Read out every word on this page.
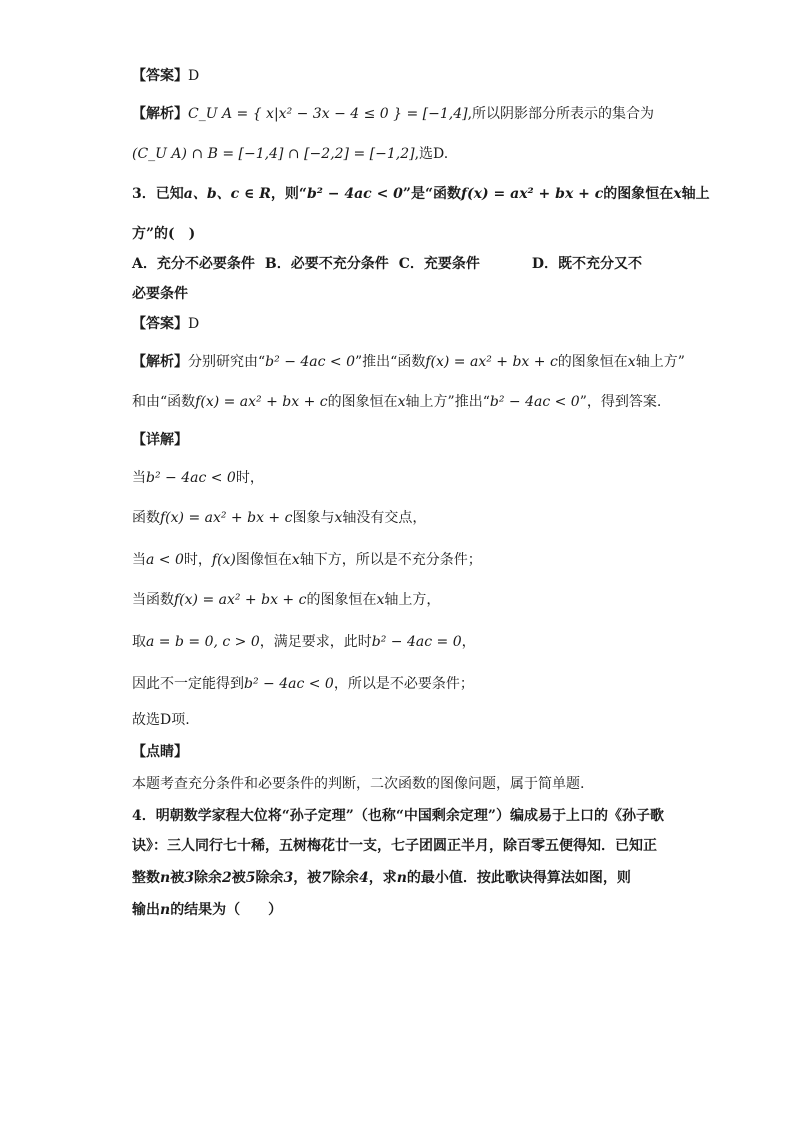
【答案】D
【解析】C_U A = { x|x² − 3x − 4 ≤ 0 } = [−1,4],所以阴影部分所表示的集合为
(C_U A) ∩ B = [−1,4] ∩ [−2,2] = [−1,2],选D.
3．已知a、b、c ∈ R，则“b² − 4ac < 0”是“函数f(x) = ax² + bx + c的图象恒在x轴上
方”的(　)
A．充分不必要条件 B．必要不充分条件 C．充要条件	D．既不充分又不
必要条件
【答案】D
【解析】分别研究由“b² − 4ac < 0”推出“函数f(x) = ax² + bx + c的图象恒在x轴上方”
和由“函数f(x) = ax² + bx + c的图象恒在x轴上方”推出“b² − 4ac < 0”，得到答案.
【详解】
当b² − 4ac < 0时，
函数f(x) = ax² + bx + c图象与x轴没有交点，
当a < 0时，f(x)图像恒在x轴下方，所以是不充分条件；
当函数f(x) = ax² + bx + c的图象恒在x轴上方，
取a = b = 0, c > 0，满足要求，此时b² − 4ac = 0，
因此不一定能得到b² − 4ac < 0，所以是不必要条件；
故选D项.
【点睛】
本题考查充分条件和必要条件的判断，二次函数的图像问题，属于简单题.
4．明朝数学家程大位将“孙子定理”（也称“中国剩余定理”）编成易于上口的《孙子歌
诀》：三人同行七十稀，五树梅花廿一支，七子团圆正半月，除百零五便得知．已知正
整数n被3除余2被5除余3，被7除余4，求n的最小值．按此歌诀得算法如图，则
输出n的结果为（　　）
